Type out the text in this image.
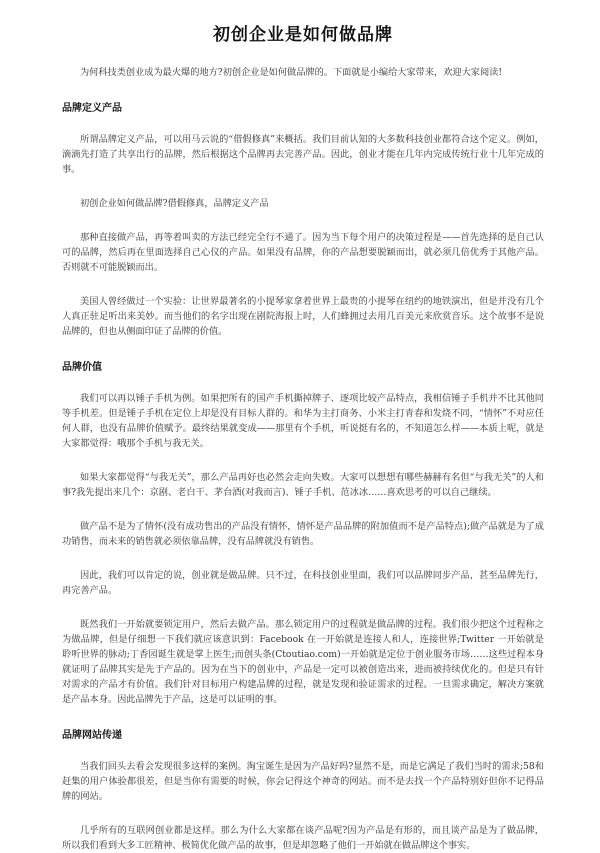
初创企业是如何做品牌

为何科技类创业成为最火爆的地方?初创企业是如何做品牌的。下面就是小编给大家带来，欢迎大家阅读!

品牌定义产品

所谓品牌定义产品，可以用马云说的“借假修真”来概括。我们目前认知的大多数科技创业都符合这个定义。例如，滴滴先打造了共享出行的品牌，然后根据这个品牌再去完善产品。因此，创业才能在几年内完成传统行业十几年完成的事。

初创企业如何做品牌?借假修真，品牌定义产品

那种直接做产品，再等着叫卖的方法已经完全行不通了。因为当下每个用户的决策过程是——首先选择的是自己认可的品牌，然后再在里面选择自己心仪的产品。如果没有品牌，你的产品想要脱颖而出，就必须几倍优秀于其他产品。否则就不可能脱颖而出。

美国人曾经做过一个实验：让世界最著名的小提琴家拿着世界上最贵的小提琴在纽约的地铁演出，但是并没有几个人真正驻足听出来美妙。而当他们的名字出现在剧院海报上时，人们蜂拥过去用几百美元来欣赏音乐。这个故事不是说品牌的，但也从侧面印证了品牌的价值。

品牌价值

我们可以再以锤子手机为例。如果把所有的国产手机撕掉牌子、逐项比较产品特点，我相信锤子手机并不比其他同等手机差。但是锤子手机在定位上却是没有目标人群的。和华为主打商务、小米主打青春和发烧不同，“情怀”不对应任何人群，也没有品牌价值赋予。最终结果就变成——那里有个手机，听说挺有名的，不知道怎么样——本质上呢，就是大家都觉得：哦那个手机与我无关。

如果大家都觉得“与我无关”，那么产品再好也必然会走向失败。大家可以想想有哪些赫赫有名但“与我无关”的人和事?我先提出来几个：京剧、老白干、茅台酒(对我而言)、锤子手机、范冰冰……喜欢思考的可以自己继续。

做产品不是为了情怀(没有成功售出的产品没有情怀，情怀是产品品牌的附加值而不是产品特点);做产品就是为了成功销售，而未来的销售就必须依靠品牌，没有品牌就没有销售。

因此，我们可以肯定的说，创业就是做品牌。只不过，在科技创业里面，我们可以品牌同步产品，甚至品牌先行，再完善产品。

既然我们一开始就要锁定用户，然后去做产品。那么锁定用户的过程就是做品牌的过程。我们很少把这个过程称之为做品牌，但是仔细想一下我们就应该意识到：Facebook 在一开始就是连接人和人，连接世界;Twitter 一开始就是聆听世界的脉动;丁香园诞生就是掌上医生;而创头条(Ctoutiao.com)一开始就是定位于创业服务市场……这些过程本身就证明了品牌其实是先于产品的。因为在当下的创业中，产品是一定可以被创造出来，进而被持续优化的。但是只有针对需求的产品才有价值。我们针对目标用户构建品牌的过程，就是发现和验证需求的过程。一旦需求确定，解决方案就是产品本身。因此品牌先于产品，这是可以证明的事。

品牌网站传递

当我们回头去看会发现很多这样的案例。淘宝诞生是因为产品好吗?显然不是，而是它满足了我们当时的需求;58和赶集的用户体验都很差，但是当你有需要的时候，你会记得这个神奇的网站。而不是去找一个产品特别好但你不记得品牌的网站。

几乎所有的互联网创业都是这样。那么为什么大家都在谈产品呢?因为产品是有形的，而且谈产品是为了做品牌，所以我们看到大多工匠精神、极简优化做产品的故事，但是却忽略了他们一开始就在做品牌这个事实。
